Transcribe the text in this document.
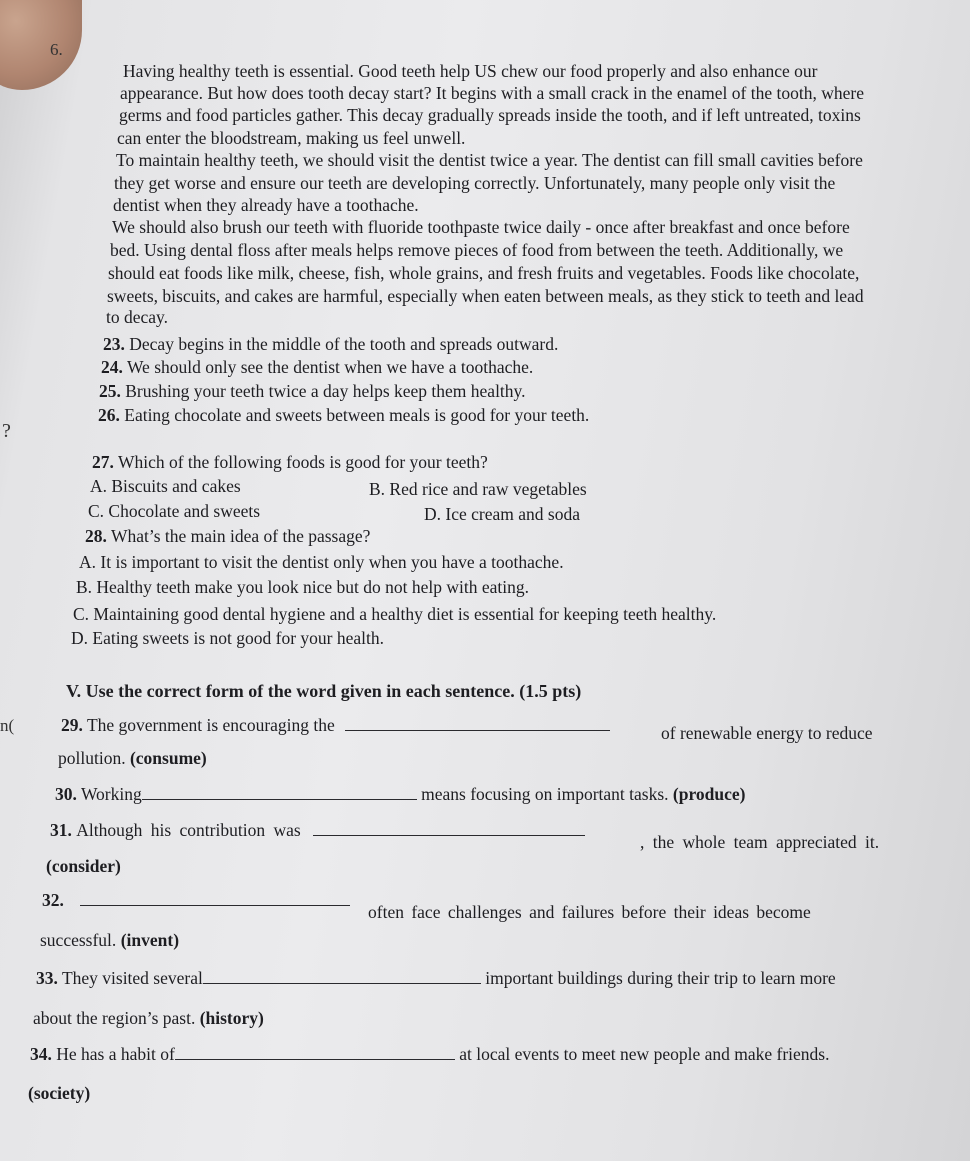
6.
?
n(
Having healthy teeth is essential. Good teeth help US chew our food properly and also enhance our
appearance. But how does tooth decay start? It begins with a small crack in the enamel of the tooth, where
germs and food particles gather. This decay gradually spreads inside the tooth, and if left untreated, toxins
can enter the bloodstream, making us feel unwell.
To maintain healthy teeth, we should visit the dentist twice a year. The dentist can fill small cavities before
they get worse and ensure our teeth are developing correctly. Unfortunately, many people only visit the
dentist when they already have a toothache.
We should also brush our teeth with fluoride toothpaste twice daily - once after breakfast and once before
bed. Using dental floss after meals helps remove pieces of food from between the teeth. Additionally, we
should eat foods like milk, cheese, fish, whole grains, and fresh fruits and vegetables. Foods like chocolate,
sweets, biscuits, and cakes are harmful, especially when eaten between meals, as they stick to teeth and lead
to decay.
23. Decay begins in the middle of the tooth and spreads outward.
24. We should only see the dentist when we have a toothache.
25. Brushing your teeth twice a day helps keep them healthy.
26. Eating chocolate and sweets between meals is good for your teeth.
27. Which of the following foods is good for your teeth?
A. Biscuits and cakes	B. Red rice and raw vegetables
C. Chocolate and sweets	D. Ice cream and soda
28. What’s the main idea of the passage?
A. It is important to visit the dentist only when you have a toothache.
B. Healthy teeth make you look nice but do not help with eating.
C. Maintaining good dental hygiene and a healthy diet is essential for keeping teeth healthy.
D. Eating sweets is not good for your health.
V. Use the correct form of the word given in each sentence. (1.5 pts)
29. The government is encouraging the	of renewable energy to reduce
pollution. (consume)
30. Working	means focusing on important tasks. (produce)
31. Although his contribution was
, the whole team appreciated it.
(consider)
32.
often face challenges and failures before their ideas become
successful. (invent)
33. They visited several	important buildings during their trip to learn more
about the region’s past. (history)
34. He has a habit of	at local events to meet new people and make friends.
(society)
